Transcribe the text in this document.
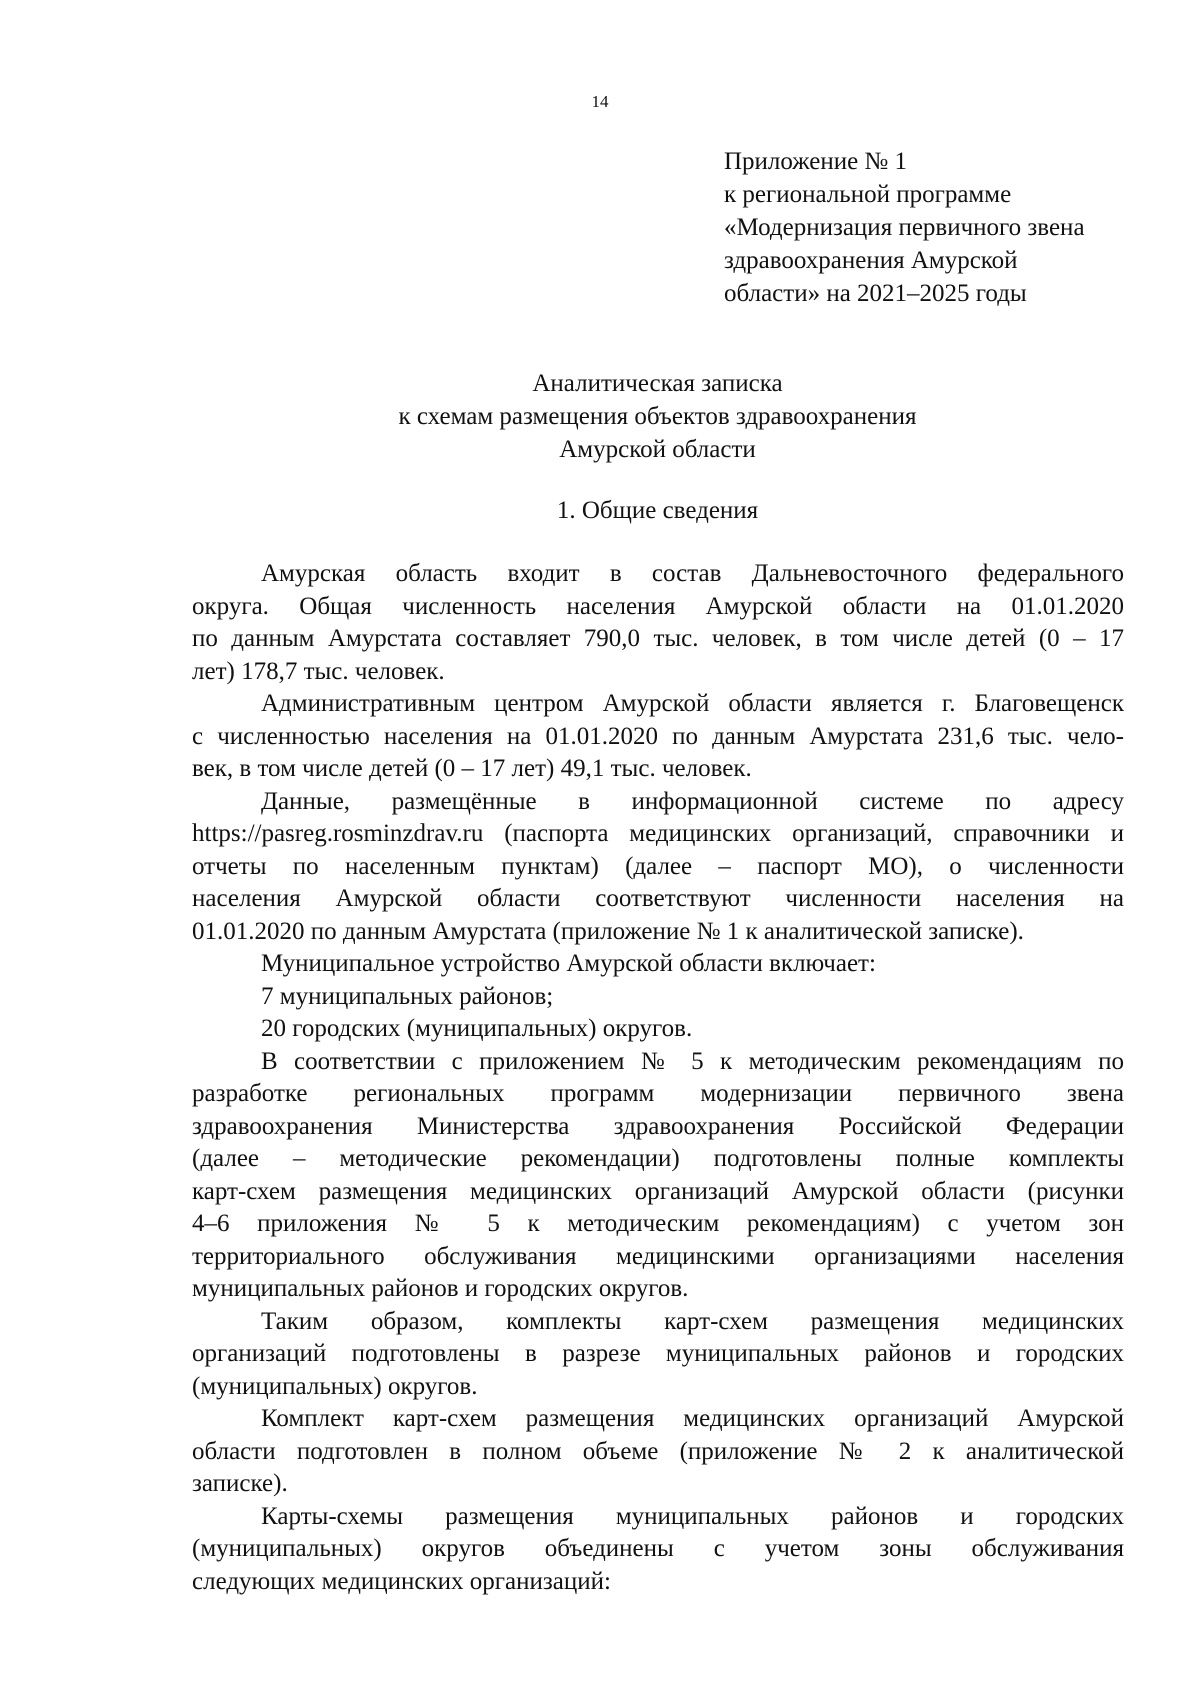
14
Приложение № 1
к региональной программе
«Модернизация первичного звена
здравоохранения Амурской
области» на 2021–2025 годы
Аналитическая записка
к схемам размещения объектов здравоохранения
Амурской области
1. Общие сведения
Амурская область входит в состав Дальневосточного федерального
округа. Общая численность населения Амурской области на 01.01.2020
по данным Амурстата составляет 790,0 тыс. человек, в том числе детей (0 – 17
лет) 178,7 тыс. человек.
Административным центром Амурской области является г. Благовещенск
с численностью населения на 01.01.2020 по данным Амурстата 231,6 тыс. чело-
век, в том числе детей (0 – 17 лет) 49,1 тыс. человек.
Данные, размещённые в информационной системе по адресу
https://pasreg.rosminzdrav.ru (паспорта медицинских организаций, справочники и
отчеты по населенным пунктам) (далее – паспорт МО), о численности
населения Амурской области соответствуют численности населения на
01.01.2020 по данным Амурстата (приложение № 1 к аналитической записке).
Муниципальное устройство Амурской области включает:
7 муниципальных районов;
20 городских (муниципальных) округов.
В соответствии с приложением № 5 к методическим рекомендациям по
разработке региональных программ модернизации первичного звена
здравоохранения Министерства здравоохранения Российской Федерации
(далее – методические рекомендации) подготовлены полные комплекты
карт-схем размещения медицинских организаций Амурской области (рисунки
4–6 приложения № 5 к методическим рекомендациям) с учетом зон
территориального обслуживания медицинскими организациями населения
муниципальных районов и городских округов.
Таким образом, комплекты карт-схем размещения медицинских
организаций подготовлены в разрезе муниципальных районов и городских
(муниципальных) округов.
Комплект карт-схем размещения медицинских организаций Амурской
области подготовлен в полном объеме (приложение № 2 к аналитической
записке).
Карты-схемы размещения муниципальных районов и городских
(муниципальных) округов объединены с учетом зоны обслуживания
следующих медицинских организаций:
